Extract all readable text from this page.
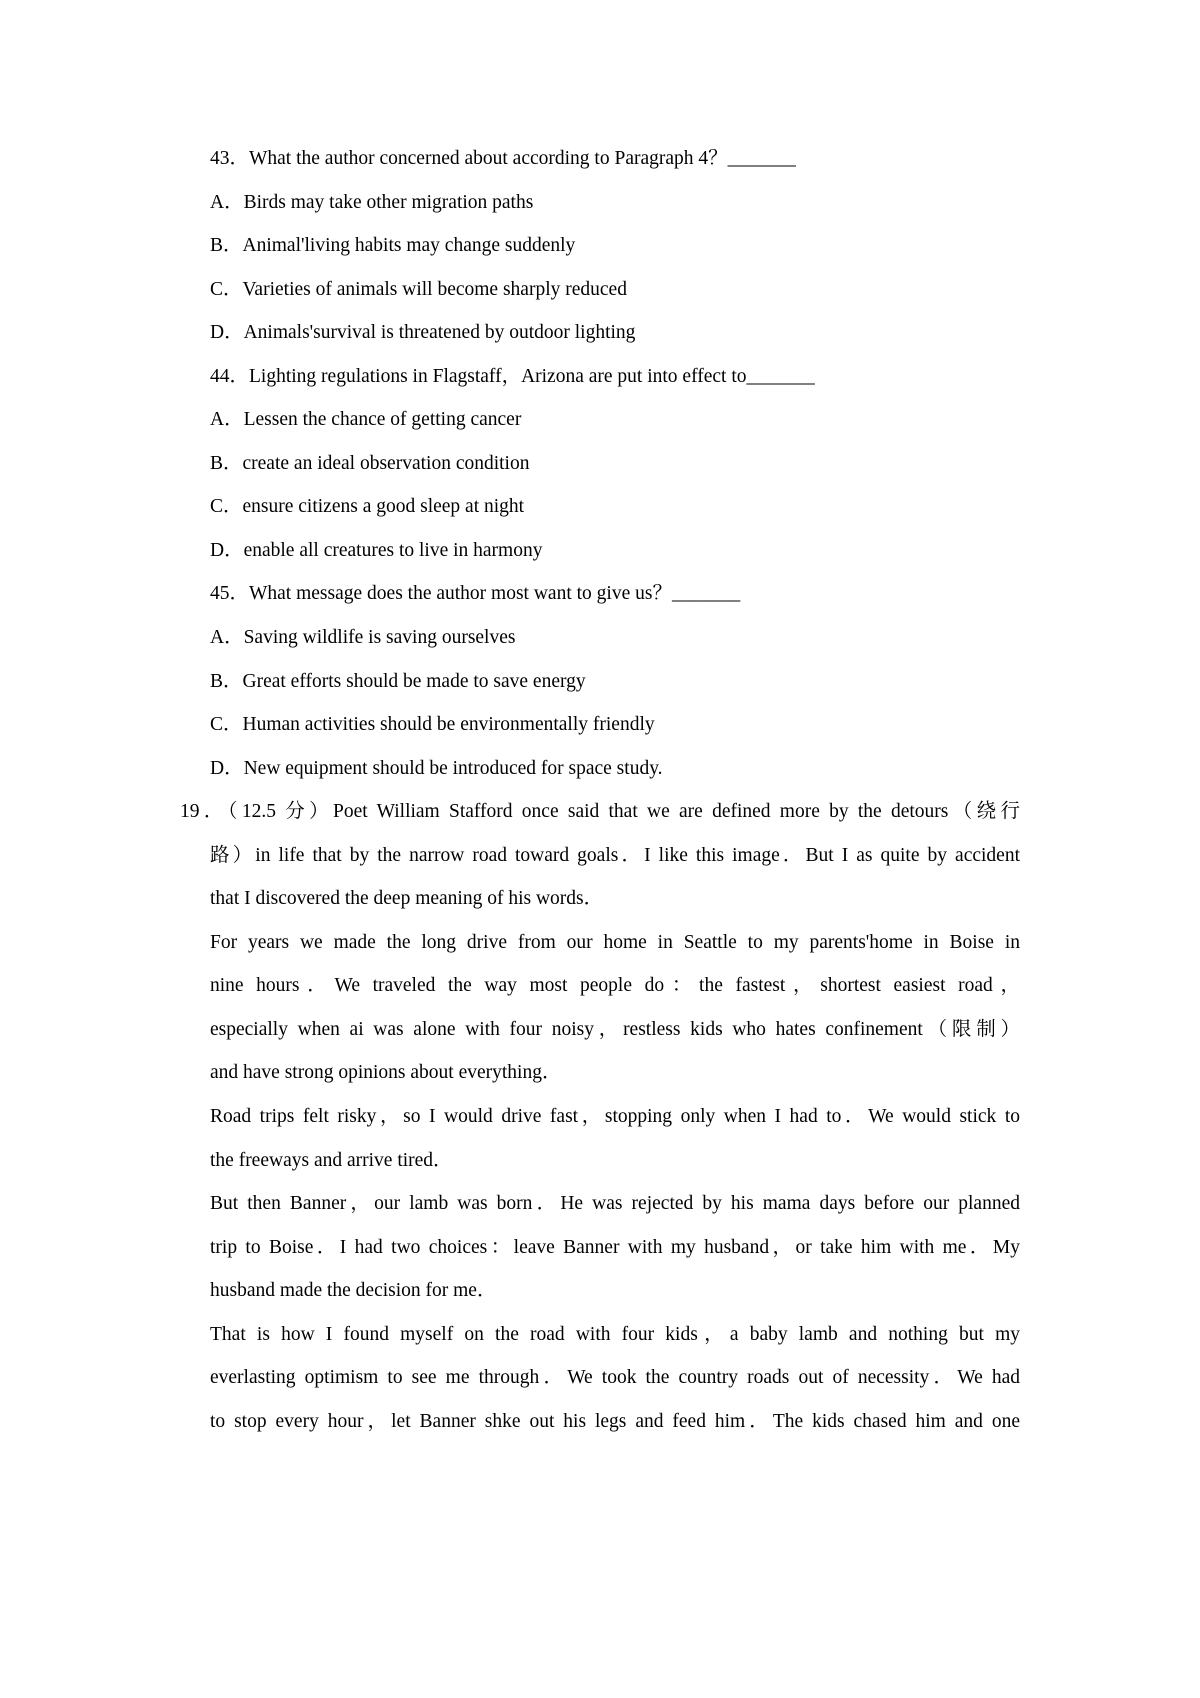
43．What the author concerned about according to Paragraph 4？_______
A．Birds may take other migration paths
B．Animal'living habits may change suddenly
C．Varieties of animals will become sharply reduced
D．Animals'survival is threatened by outdoor lighting
44．Lighting regulations in Flagstaff，Arizona are put into effect to_______
A．Lessen the chance of getting cancer
B．create an ideal observation condition
C．ensure citizens a good sleep at night
D．enable all creatures to live in harmony
45．What message does the author most want to give us？_______
A．Saving wildlife is saving ourselves
B．Great efforts should be made to save energy
C．Human activities should be environmentally friendly
D．New equipment should be introduced for space study.
19．（12.5 分）Poet William Stafford once said that we are defined more by the detours（绕行
路）in life that by the narrow road toward goals．I like this image．But I as quite by accident
that I discovered the deep meaning of his words．
For years we made the long drive from our home in Seattle to my parents'home in Boise in
nine hours．We traveled the way most people do：the fastest，shortest easiest road，
especially when ai was alone with four noisy，restless kids who hates confinement（限制）
and have strong opinions about everything．
Road trips felt risky，so I would drive fast，stopping only when I had to．We would stick to
the freeways and arrive tired．
But then Banner，our lamb was born．He was rejected by his mama days before our planned
trip to Boise．I had two choices：leave Banner with my husband，or take him with me．My
husband made the decision for me．
That is how I found myself on the road with four kids，a baby lamb and nothing but my
everlasting optimism to see me through．We took the country roads out of necessity．We had
to stop every hour，let Banner shke out his legs and feed him．The kids chased him and one
